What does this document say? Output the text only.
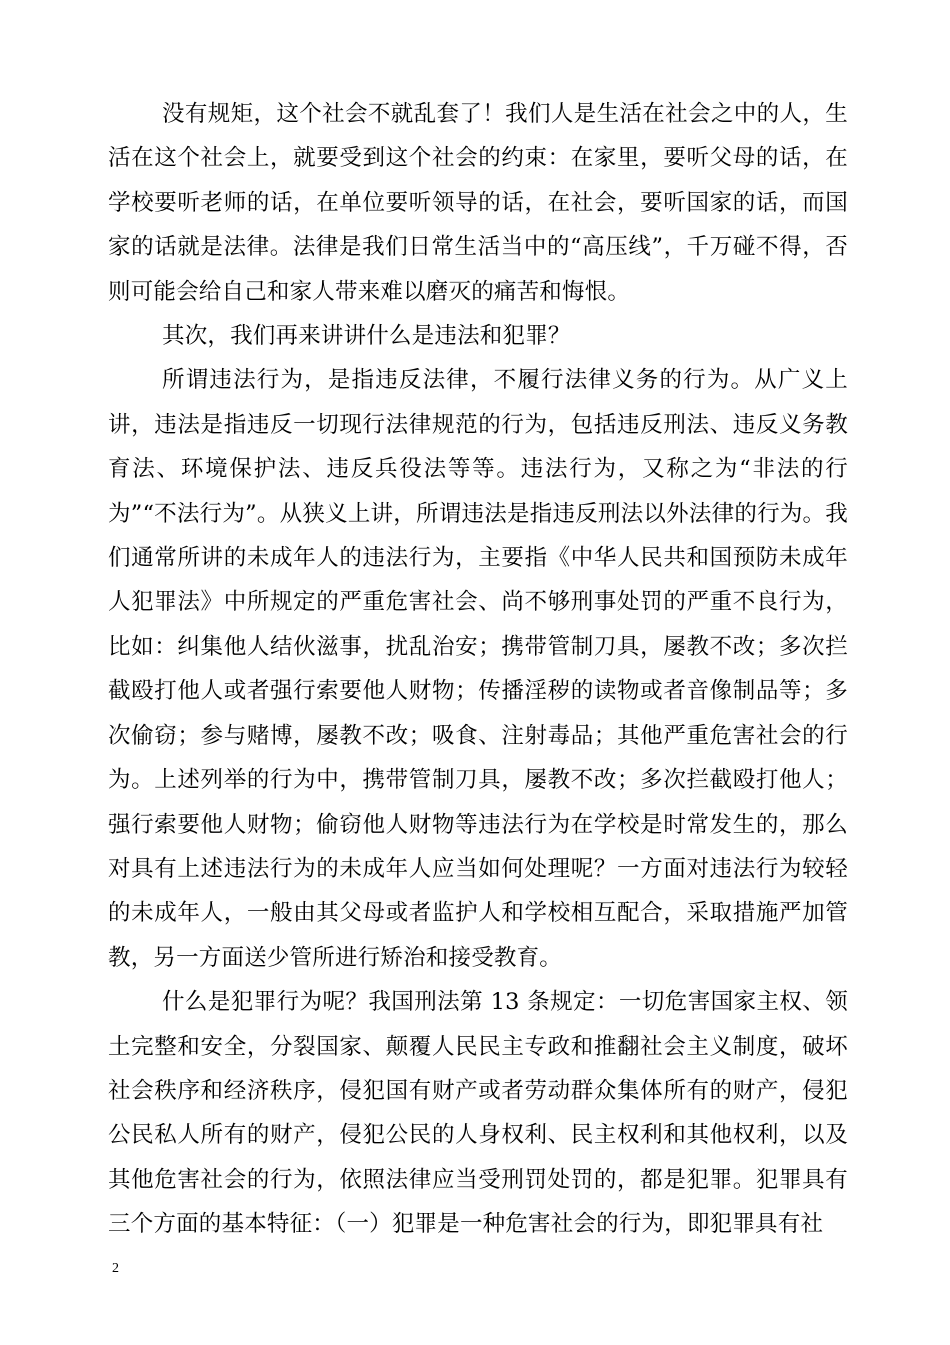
没有规矩，这个社会不就乱套了！我们人是生活在社会之中的人，生活在这个社会上，就要受到这个社会的约束：在家里，要听父母的话，在学校要听老师的话，在单位要听领导的话，在社会，要听国家的话，而国家的话就是法律。法律是我们日常生活当中的“高压线”，千万碰不得，否则可能会给自己和家人带来难以磨灭的痛苦和悔恨。

其次，我们再来讲讲什么是违法和犯罪？

所谓违法行为，是指违反法律，不履行法律义务的行为。从广义上讲，违法是指违反一切现行法律规范的行为，包括违反刑法、违反义务教育法、环境保护法、违反兵役法等等。违法行为，又称之为“非法的行为”“不法行为”。从狭义上讲，所谓违法是指违反刑法以外法律的行为。我们通常所讲的未成年人的违法行为，主要指《中华人民共和国预防未成年人犯罪法》中所规定的严重危害社会、尚不够刑事处罚的严重不良行为，比如：纠集他人结伙滋事，扰乱治安；携带管制刀具，屡教不改；多次拦截殴打他人或者强行索要他人财物；传播淫秽的读物或者音像制品等；多次偷窃；参与赌博，屡教不改；吸食、注射毒品；其他严重危害社会的行为。上述列举的行为中，携带管制刀具，屡教不改；多次拦截殴打他人；强行索要他人财物；偷窃他人财物等违法行为在学校是时常发生的，那么对具有上述违法行为的未成年人应当如何处理呢？一方面对违法行为较轻的未成年人，一般由其父母或者监护人和学校相互配合，采取措施严加管教，另一方面送少管所进行矫治和接受教育。

什么是犯罪行为呢？我国刑法第 13 条规定：一切危害国家主权、领土完整和安全，分裂国家、颠覆人民民主专政和推翻社会主义制度，破坏社会秩序和经济秩序，侵犯国有财产或者劳动群众集体所有的财产，侵犯公民私人所有的财产，侵犯公民的人身权利、民主权利和其他权利，以及其他危害社会的行为，依照法律应当受刑罚处罚的，都是犯罪。犯罪具有三个方面的基本特征：（一）犯罪是一种危害社会的行为，即犯罪具有社

2
